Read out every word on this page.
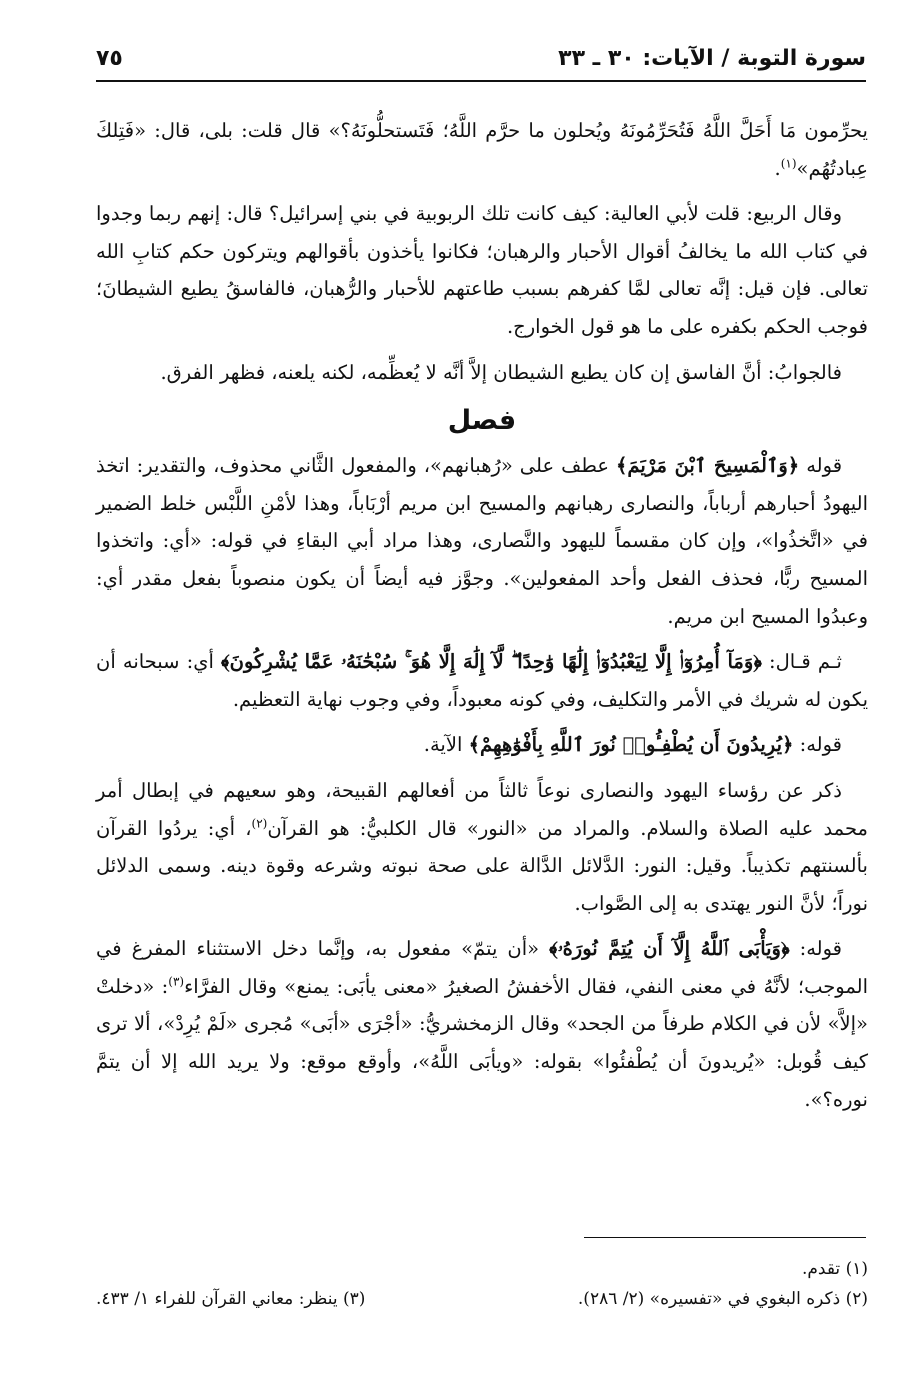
سورة التوبة / الآيات: ٣٠ ـ ٣٣
٧٥

يحرِّمون مَا أَحَلَّ اللَّهُ فَتُحَرِّمُونَهُ ويُحلون ما حرَّم اللَّهُ؛ فَتَستحلُّونَهُ؟» قال قلت: بلى، قال: «فَتِلكَ عِبادتُهُم»$^{(١)}$.

وقال الربيع: قلت لأبي العالية: كيف كانت تلك الربوبية في بني إسرائيل؟ قال: إنهم ربما وجدوا في كتاب الله ما يخالفُ أقوال الأحبار والرهبان؛ فكانوا يأخذون بأقوالهم ويتركون حكم كتابِ الله تعالى. فإن قيل: إنَّه تعالى لمَّا كفرهم بسبب طاعتهم للأحبار والرُّهبان، فالفاسقُ يطيع الشيطانَ؛ فوجب الحكم بكفره على ما هو قول الخوارج.

فالجوابُ: أنَّ الفاسق إن كان يطيع الشيطان إلاَّ أنَّه لا يُعظِّمه، لكنه يلعنه، فظهر الفرق.

فصل

قوله ﴿وَٱلْمَسِيحَ ٱبْنَ مَرْيَمَ﴾ عطف على «رُهبانهم»، والمفعول الثَّاني محذوف، والتقدير: اتخذ اليهودُ أحبارهم أرباباً، والنصارى رهبانهم والمسيح ابن مريم أرْبَاباً، وهذا لأمْنِ اللَّبْس خلط الضمير في «اتَّخذُوا»، وإن كان مقسماً لليهود والنَّصارى، وهذا مراد أبي البقاءِ في قوله: «أي: واتخذوا المسيح ربًّا، فحذف الفعل وأحد المفعولين». وجوَّز فيه أيضاً أن يكون منصوباً بفعل مقدر أي: وعبدُوا المسيح ابن مريم.

ثـم قـال: ﴿وَمَآ أُمِرُوٓا۟ إِلَّا لِيَعْبُدُوٓا۟ إِلَٰهًا وَٰحِدًا ۖ لَّآ إِلَٰهَ إِلَّا هُوَ ۚ سُبْحَٰنَهُۥ عَمَّا يُشْرِكُونَ﴾ أي: سبحانه أن يكون له شريك في الأمر والتكليف، وفي كونه معبوداً، وفي وجوب نهاية التعظيم.

قوله: ﴿يُرِيدُونَ أَن يُطْفِـُٔوا۟ نُورَ ٱللَّهِ بِأَفْوَٰهِهِمْ﴾ الآية.

ذكر عن رؤساء اليهود والنصارى نوعاً ثالثاً من أفعالهم القبيحة، وهو سعيهم في إبطال أمر محمد عليه الصلاة والسلام. والمراد من «النور» قال الكلبيُّ: هو القرآن$^{(٢)}$، أي: يردُوا القرآن بألسنتهم تكذيباً. وقيل: النور: الدَّلائل الدَّالة على صحة نبوته وشرعه وقوة دينه. وسمى الدلائل نوراً؛ لأنَّ النور يهتدى به إلى الصَّواب.

قوله: ﴿وَيَأْبَى ٱللَّهُ إِلَّآ أَن يُتِمَّ نُورَهُۥ﴾ «أن يتمّ» مفعول به، وإنَّما دخل الاستثناء المفرغ في الموجب؛ لأنَّهُ في معنى النفي، فقال الأخفشُ الصغيرُ «معنى يأبَى: يمنع» وقال الفرَّاء$^{(٣)}$: «دخلتْ «إلاَّ» لأن في الكلام طرفاً من الجحد» وقال الزمخشريُّ: «أجْرَى «أبَى» مُجرى «لَمْ يُرِدْ»، ألا ترى كيف قُوبل: «يُريدونَ أن يُطْفئُوا» بقوله: «ويأبَى اللَّهُ»، وأوقع موقع: ولا يريد الله إلا أن يتمَّ نوره؟».

(١) تقدم.
(٢) ذكره البغوي في «تفسيره» (٢/ ٢٨٦).
(٣) ينظر: معاني القرآن للفراء ١/ ٤٣٣.
